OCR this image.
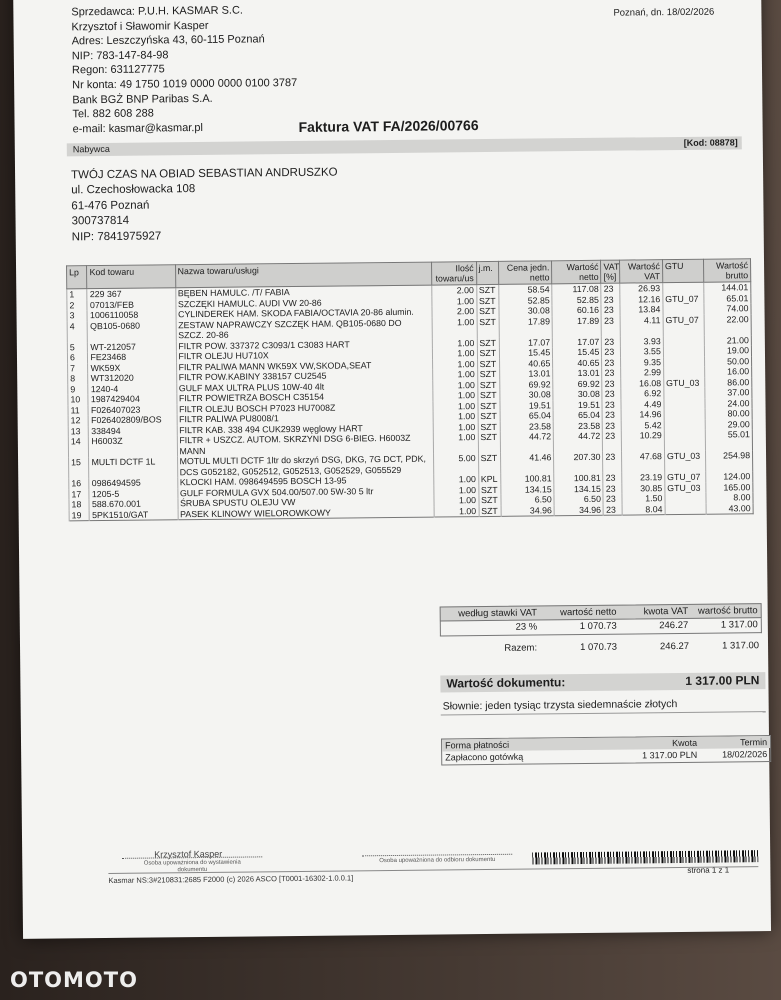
Sprzedawca: P.U.H. KASMAR S.C.
Krzysztof i Sławomir Kasper
Adres: Leszczyńska 43, 60-115 Poznań
NIP: 783-147-84-98
Regon: 631127775
Nr konta: 49 1750 1019 0000 0000 0100 3787
Bank BGŻ BNP Paribas S.A.
Tel. 882 608 288
e-mail: kasmar@kasmar.pl
Poznań, dn. 18/02/2026
Faktura VAT FA/2026/00766
Nabywca
[Kod: 08878]
TWÓJ CZAS NA OBIAD SEBASTIAN ANDRUSZKO
ul. Czechosłowacka 108
61-476 Poznań
300737814
NIP: 7841975927
Lp	Kod towaru	Nazwa towaru/usługi	Ilość towaru/us	j.m.	Cena jedn. netto	Wartość netto	VAT [%]	Wartość VAT	GTU	Wartość brutto
1	229 367	BĘBEN HAMULC. /T/ FABIA	2.00	SZT	58.54	117.08	23	26.93		144.01
2	07013/FEB	SZCZĘKI HAMULC. AUDI VW 20-86	1.00	SZT	52.85	52.85	23	12.16	GTU_07	65.01
3	1006110058	CYLINDEREK HAM. SKODA FABIA/OCTAVIA 20-86 alumin.	2.00	SZT	30.08	60.16	23	13.84		74.00
4	QB105-0680	ZESTAW NAPRAWCZY SZCZĘK HAM. QB105-0680 DO SZCZ. 20-86	1.00	SZT	17.89	17.89	23	4.11	GTU_07	22.00
5	WT-212057	FILTR POW. 337372 C3093/1 C3083 HART	1.00	SZT	17.07	17.07	23	3.93		21.00
6	FE23468	FILTR OLEJU HU710X	1.00	SZT	15.45	15.45	23	3.55		19.00
7	WK59X	FILTR PALIWA MANN WK59X VW,SKODA,SEAT	1.00	SZT	40.65	40.65	23	9.35		50.00
8	WT312020	FILTR POW.KABINY 338157 CU2545	1.00	SZT	13.01	13.01	23	2.99		16.00
9	1240-4	GULF MAX ULTRA PLUS 10W-40 4lt	1.00	SZT	69.92	69.92	23	16.08	GTU_03	86.00
10	1987429404	FILTR POWIETRZA BOSCH C35154	1.00	SZT	30.08	30.08	23	6.92		37.00
11	F026407023	FILTR OLEJU BOSCH P7023 HU7008Z	1.00	SZT	19.51	19.51	23	4.49		24.00
12	F026402809/BOS	FILTR PALIWA PU8008/1	1.00	SZT	65.04	65.04	23	14.96		80.00
13	338494	FILTR KAB. 338 494 CUK2939 węglowy HART	1.00	SZT	23.58	23.58	23	5.42		29.00
14	H6003Z	FILTR + USZCZ. AUTOM. SKRZYNI DSG 6-BIEG. H6003Z MANN	1.00	SZT	44.72	44.72	23	10.29		55.01
15	MULTI DCTF 1L	MOTUL MULTI DCTF 1ltr do skrzyń DSG, DKG, 7G DCT, PDK, DCS G052182, G052512, G052513, G052529, G055529	5.00	SZT	41.46	207.30	23	47.68	GTU_03	254.98
16	0986494595	KLOCKI HAM. 0986494595 BOSCH 13-95	1.00	KPL	100.81	100.81	23	23.19	GTU_07	124.00
17	1205-5	GULF FORMULA GVX 504.00/507.00 5W-30 5 ltr	1.00	SZT	134.15	134.15	23	30.85	GTU_03	165.00
18	588.670.001	ŚRUBA SPUSTU OLEJU VW	1.00	SZT	6.50	6.50	23	1.50		8.00
19	5PK1510/GAT	PASEK KLINOWY WIELOROWKOWY	1.00	SZT	34.96	34.96	23	8.04		43.00
według stawki VAT	wartość netto	kwota VAT	wartość brutto
23 %	1 070.73	246.27	1 317.00
Razem:	1 070.73	246.27	1 317.00
Wartość dokumentu:	1 317.00 PLN
Słownie: jeden tysiąc trzysta siedemnaście złotych
Forma płatności	Kwota	Termin
Zapłacono gotówką	1 317.00 PLN	18/02/2026
Krzysztof Kasper
Osoba upoważniona do wystawienia dokumentu
Osoba upoważniona do odbioru dokumentu
strona 1 z 1
Kasmar NS:3#210831:2685 F2000 (c) 2026 ASCO [T0001-16302-1.0.0.1]
OTOMOTO
